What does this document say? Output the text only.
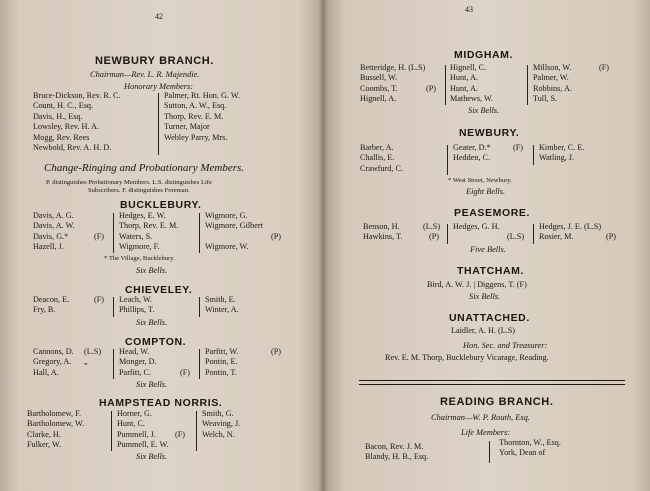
42
NEWBURY BRANCH.
Chairman—Rev. L. R. Majendie.
Honorary Members:
Bruce-Dickson, Rev. R. C.
Count, H. C., Esq.
Davis, H., Esq.
Lowsley, Rev. H. A.
Mogg, Rev. Rees
Newbold, Rev. A. H. D.
Palmer, Rt. Hon. G. W.
Sutton, A. W., Esq.
Thorp, Rev. E. M.
Turner, Major
Webley Parry, Mrs.
Change-Ringing and Probationary Members.
P. distinguishes Probationary Members. L.S. distinguishes Life
Subscribers. F. distinguishes Foreman.
BUCKLEBURY.
Davis, A. G.
Davis, A. W.
Davis, G.*
Hazell, J.
(F)
Hedges, E. W.
Thorp, Rev. E. M.
Waters, S.
Wigmore, F.
Wigmore, G.
Wigmore, Gilbert

Wigmore, W.
(P)
* The Village, Bucklebury.
Six Bells.
CHIEVELEY.
Deacon, E.
Fry, B.
(F) Leach, W.
Phillips, T.
Smith, E.
Winter, A.
Six Bells.
COMPTON.
Cannons, D.
Gregory, A.
Hall, A.
(L.S)
„
Head, W.
Monger, D.
Parfitt, C.	(F)
Parfitt, W.
Pontin, E.
Pontin, T.
(P)
Six Bells.
HAMPSTEAD NORRIS.
Bartholomew, F.
Bartholomew, W.
Clarke, H.
Fulker, W.
Horner, G.
Hunt, C.
Pummell, J.
Pummell, E. W.
(F)
Smith, G.
Weaving, J.
Welch, N.
Six Bells.
43
MIDGHAM.
Betteridge, H. (L.S)
Bussell, W.
Coombs, T.
Hignell, A.
(P)
Hignell, C.
Hunt, A.
Hunt, A.
Mathews, W.
Millson, W.
Palmer, W.
Robbins, A.
Tull, S.
(F)
Six Bells.
NEWBURY.
Barber, A.
Challis, E.
Crawfurd, C.
Geater, D.*
Hedden, C.
(F) Kimber, C. E.
Watling, J.
* West Street, Newbury.
Eight Bells.
PEASEMORE.
Benson, H.
Hawkins, T.
(L.S)
(P)
Hedges, G. H.
(L.S)
Hedges, J. E. (L.S)
Rosier, M.	(P)
Five Bells.
THATCHAM.
Bird, A. W. J. | Diggens, T. (F)
Six Bells.
UNATTACHED.
Laidler, A. H. (L.S)
Hon. Sec. and Treasurer:
Rev. E. M. Thorp, Bucklebury Vicarage, Reading.
READING BRANCH.
Chairman—W. P. Routh, Esq.
Life Members:
Bacon, Rev. J. M.
Blandy, H. B., Esq.
Thornton, W., Esq.
York, Dean of
